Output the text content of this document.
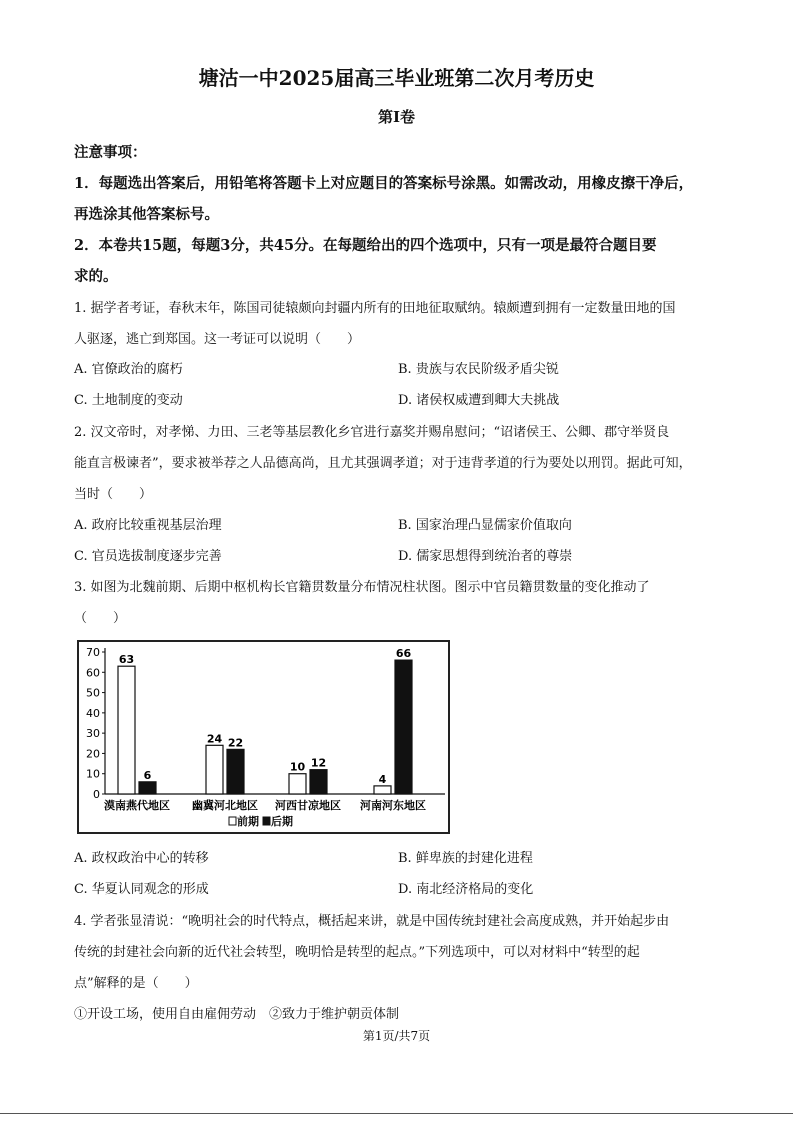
塘沽一中2025届高三毕业班第二次月考历史
第I卷
注意事项：
1．每题选出答案后，用铅笔将答题卡上对应题目的答案标号涂黑。如需改动，用橡皮擦干净后，
再选涂其他答案标号。
2．本卷共15题，每题3分，共45分。在每题给出的四个选项中，只有一项是最符合题目要
求的。
1. 据学者考证，春秋末年，陈国司徒辕颇向封疆内所有的田地征取赋纳。辕颇遭到拥有一定数量田地的国
人驱逐，逃亡到郑国。这一考证可以说明（　　）
A. 官僚政治的腐朽	B. 贵族与农民阶级矛盾尖锐
C. 土地制度的变动	D. 诸侯权威遭到卿大夫挑战
2. 汉文帝时，对孝悌、力田、三老等基层教化乡官进行嘉奖并赐帛慰问；“诏诸侯王、公卿、郡守举贤良
能直言极谏者”，要求被举荐之人品德高尚，且尤其强调孝道；对于违背孝道的行为要处以刑罚。据此可知，
当时（　　）
A. 政府比较重视基层治理	B. 国家治理凸显儒家价值取向
C. 官员选拔制度逐步完善	D. 儒家思想得到统治者的尊崇
3. 如图为北魏前期、后期中枢机构长官籍贯数量分布情况柱状图。图示中官员籍贯数量的变化推动了
（　　）
0
10
20
30
40
50
60
70
63
6
漠南燕代地区
24 22
幽冀河北地区
10 12
河西甘凉地区
4
66
河南河东地区
前期 后期
A. 政权政治中心的转移	B. 鲜卑族的封建化进程
C. 华夏认同观念的形成	D. 南北经济格局的变化
4. 学者张显清说：“晚明社会的时代特点，概括起来讲，就是中国传统封建社会高度成熟，并开始起步由
传统的封建社会向新的近代社会转型，晚明恰是转型的起点。”下列选项中，可以对材料中“转型的起
点”解释的是（　　）
①开设工场，使用自由雇佣劳动　②致力于维护朝贡体制
第1页/共7页
